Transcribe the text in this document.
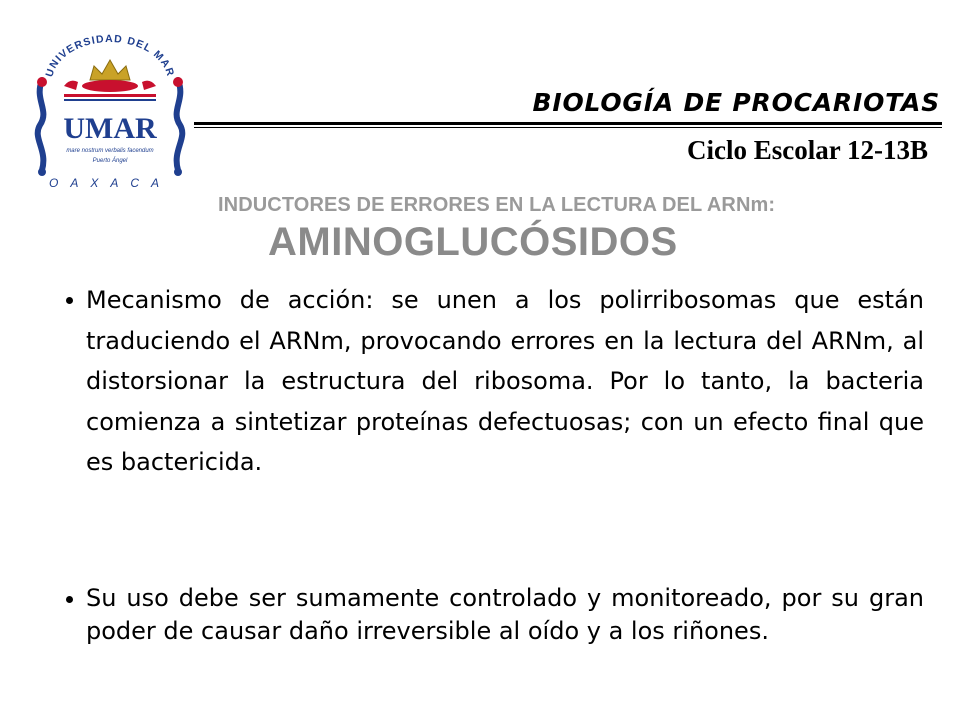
UNIVERSIDAD DEL MAR
UMAR
mare nostrum verbalis facendum
Puerto Ángel
OAXACA
BIOLOGÍA DE PROCARIOTAS
Ciclo Escolar 12-13B
INDUCTORES DE ERRORES EN LA LECTURA DEL ARNm:
AMINOGLUCÓSIDOS
Mecanismo de acción: se unen a los polirribosomas que están traduciendo el ARNm, provocando errores en la lectura del ARNm, al distorsionar la estructura del ribosoma. Por lo tanto, la bacteria comienza a sintetizar proteínas defectuosas; con un efecto final que es bactericida.
Su uso debe ser sumamente controlado y monitoreado, por su gran poder de causar daño irreversible al oído y a los riñones.
